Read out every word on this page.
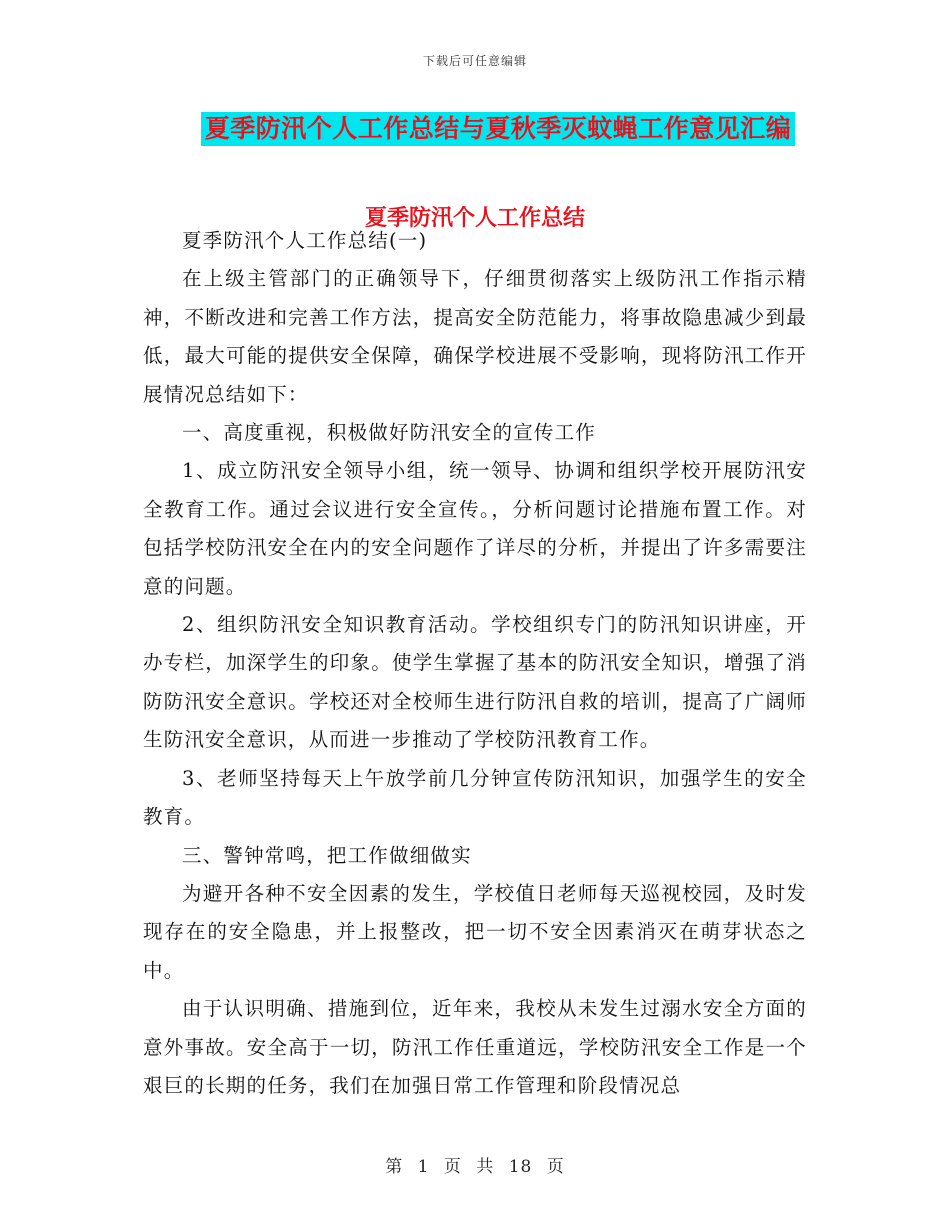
下载后可任意编辑
夏季防汛个人工作总结与夏秋季灭蚊蝇工作意见汇编
夏季防汛个人工作总结

夏季防汛个人工作总结(一)

在上级主管部门的正确领导下，仔细贯彻落实上级防汛工作指示精神，不断改进和完善工作方法，提高安全防范能力，将事故隐患减少到最低，最大可能的提供安全保障，确保学校进展不受影响，现将防汛工作开展情况总结如下：

一、高度重视，积极做好防汛安全的宣传工作

1、成立防汛安全领导小组，统一领导、协调和组织学校开展防汛安全教育工作。通过会议进行安全宣传。，分析问题讨论措施布置工作。对包括学校防汛安全在内的安全问题作了详尽的分析，并提出了许多需要注意的问题。

2、组织防汛安全知识教育活动。学校组织专门的防汛知识讲座，开办专栏，加深学生的印象。使学生掌握了基本的防汛安全知识，增强了消防防汛安全意识。学校还对全校师生进行防汛自救的培训，提高了广阔师生防汛安全意识，从而进一步推动了学校防汛教育工作。

3、老师坚持每天上午放学前几分钟宣传防汛知识，加强学生的安全教育。

三、警钟常鸣，把工作做细做实

为避开各种不安全因素的发生，学校值日老师每天巡视校园，及时发现存在的安全隐患，并上报整改，把一切不安全因素消灭在萌芽状态之中。

由于认识明确、措施到位，近年来，我校从未发生过溺水安全方面的意外事故。安全高于一切，防汛工作任重道远，学校防汛安全工作是一个艰巨的长期的任务，我们在加强日常工作管理和阶段情况总

第 1 页 共 18 页
